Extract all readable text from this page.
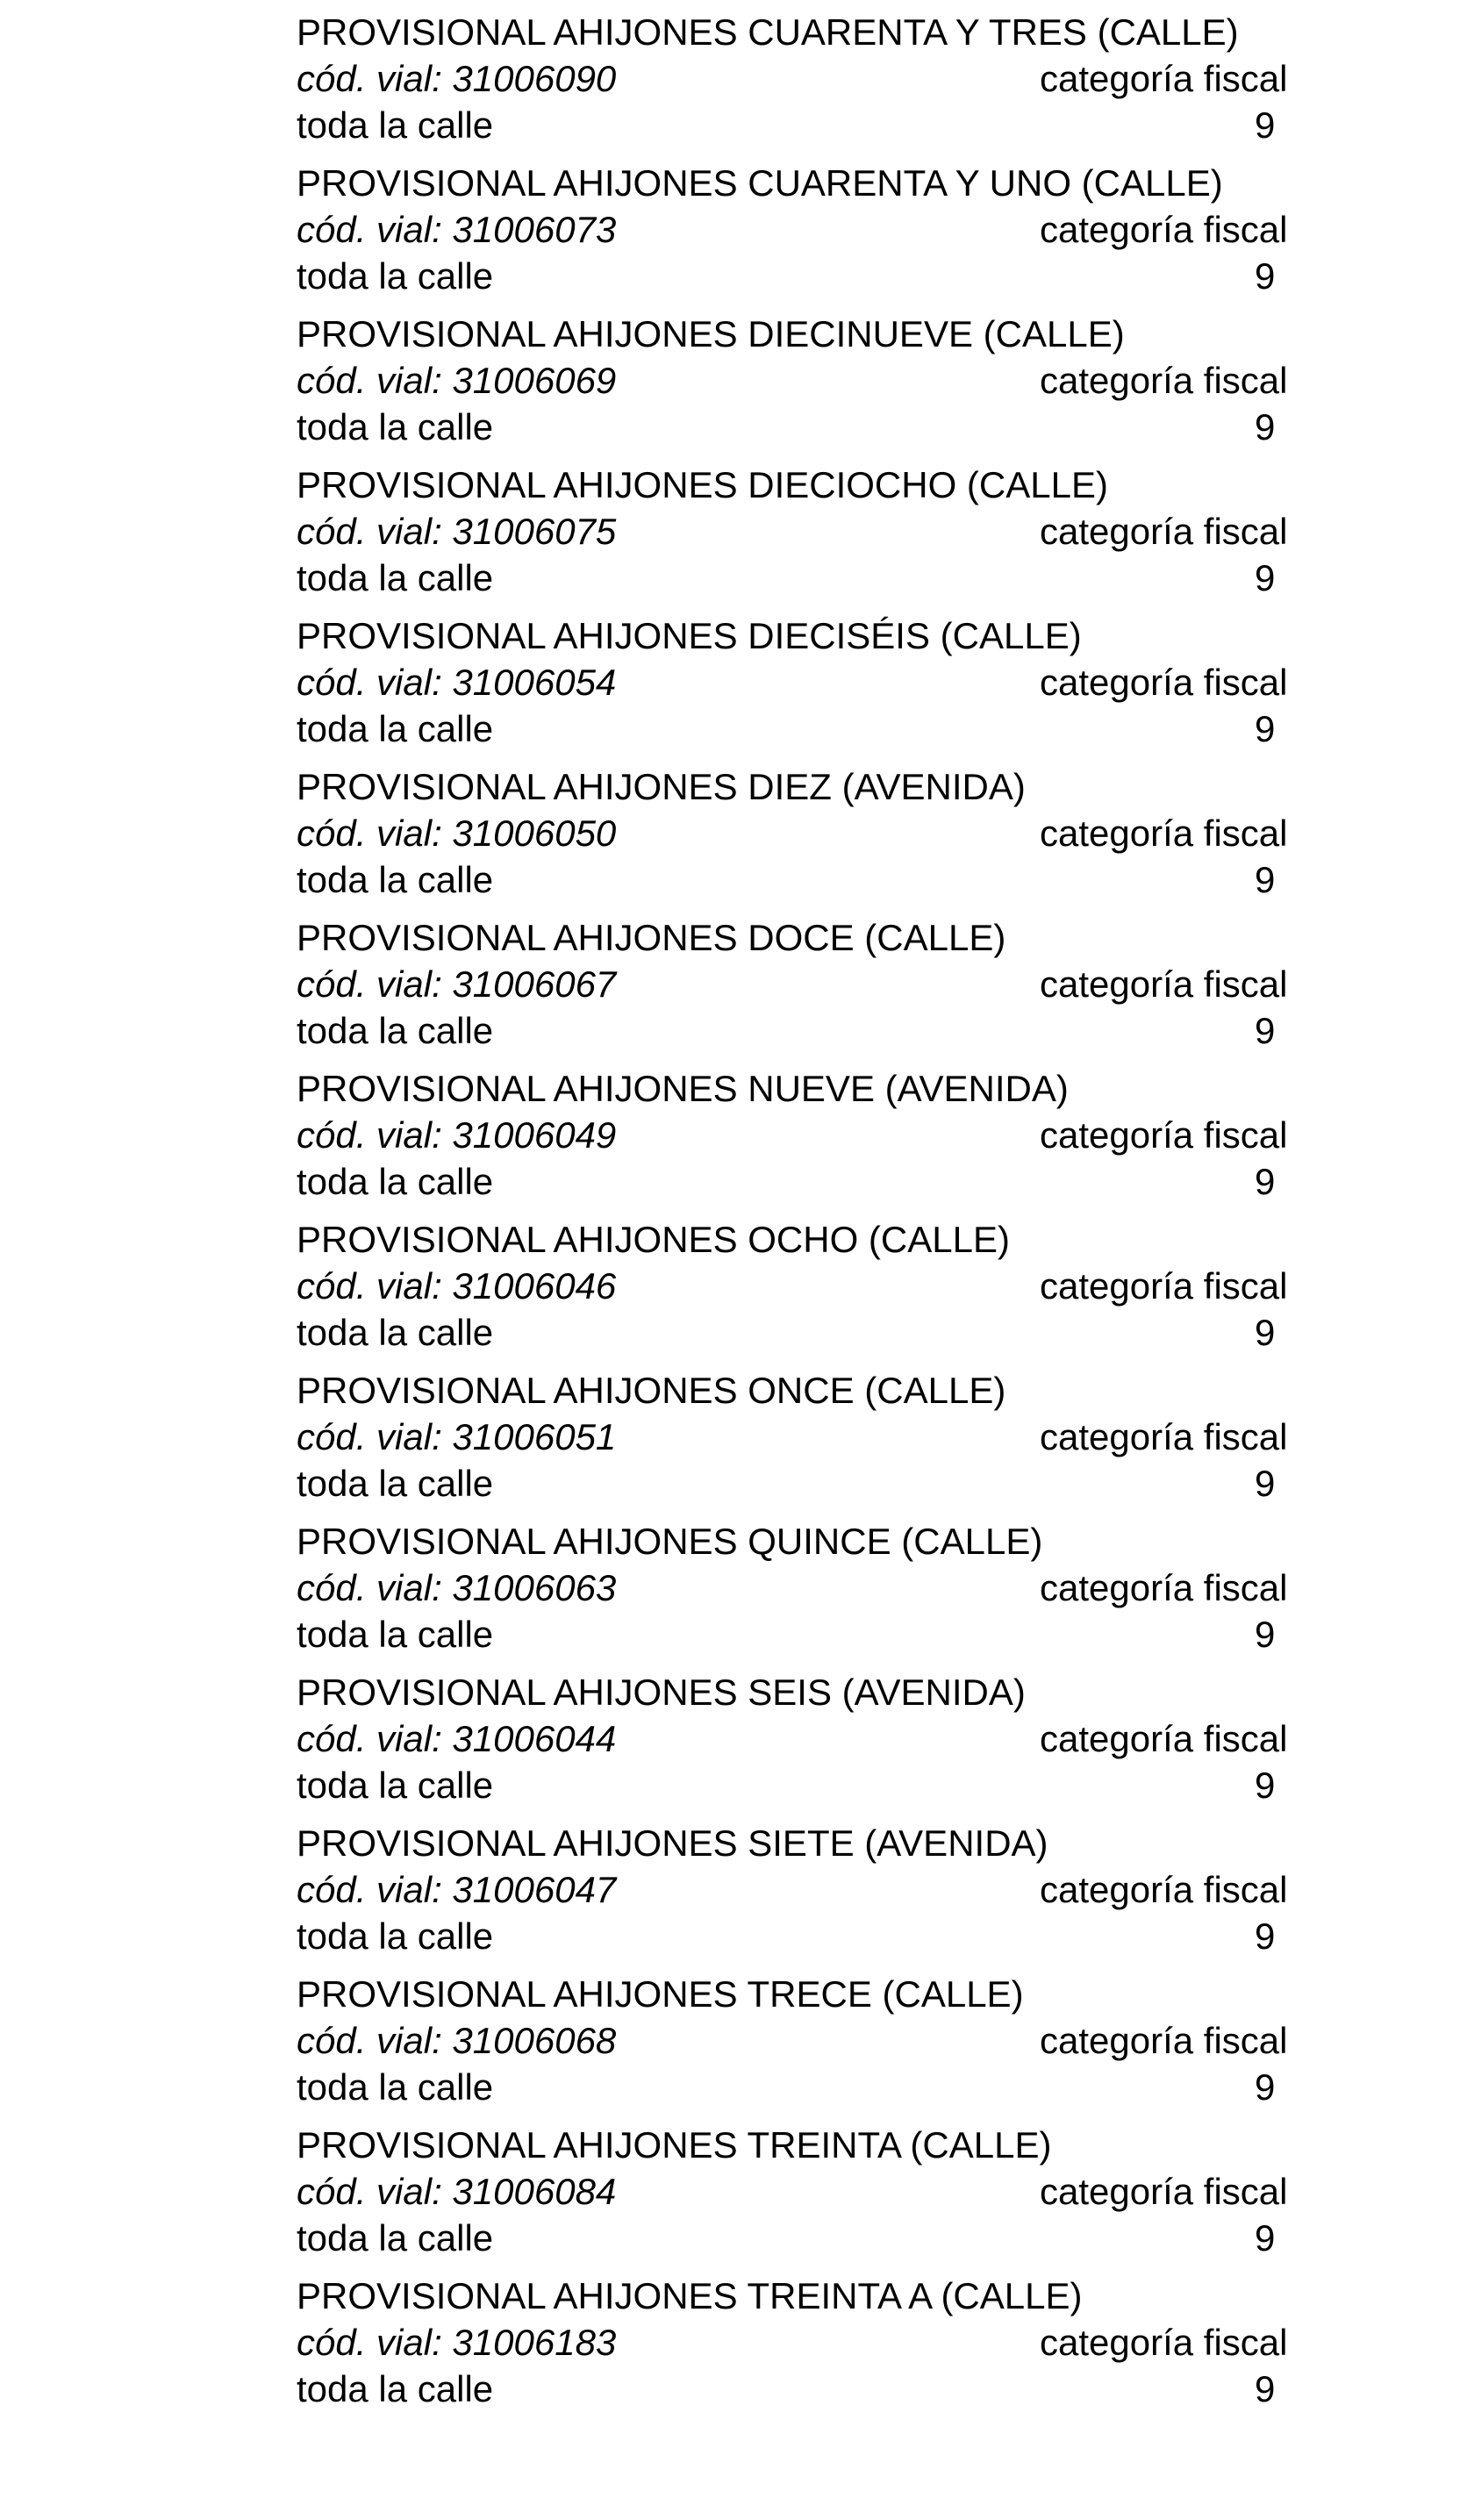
PROVISIONAL AHIJONES CUARENTA Y TRES (CALLE)
cód. vial: 31006090	categoría fiscal
toda la calle	9
PROVISIONAL AHIJONES CUARENTA Y UNO (CALLE)
cód. vial: 31006073	categoría fiscal
toda la calle	9
PROVISIONAL AHIJONES DIECINUEVE (CALLE)
cód. vial: 31006069	categoría fiscal
toda la calle	9
PROVISIONAL AHIJONES DIECIOCHO (CALLE)
cód. vial: 31006075	categoría fiscal
toda la calle	9
PROVISIONAL AHIJONES DIECISÉIS (CALLE)
cód. vial: 31006054	categoría fiscal
toda la calle	9
PROVISIONAL AHIJONES DIEZ (AVENIDA)
cód. vial: 31006050	categoría fiscal
toda la calle	9
PROVISIONAL AHIJONES DOCE (CALLE)
cód. vial: 31006067	categoría fiscal
toda la calle	9
PROVISIONAL AHIJONES NUEVE (AVENIDA)
cód. vial: 31006049	categoría fiscal
toda la calle	9
PROVISIONAL AHIJONES OCHO (CALLE)
cód. vial: 31006046	categoría fiscal
toda la calle	9
PROVISIONAL AHIJONES ONCE (CALLE)
cód. vial: 31006051	categoría fiscal
toda la calle	9
PROVISIONAL AHIJONES QUINCE (CALLE)
cód. vial: 31006063	categoría fiscal
toda la calle	9
PROVISIONAL AHIJONES SEIS (AVENIDA)
cód. vial: 31006044	categoría fiscal
toda la calle	9
PROVISIONAL AHIJONES SIETE (AVENIDA)
cód. vial: 31006047	categoría fiscal
toda la calle	9
PROVISIONAL AHIJONES TRECE (CALLE)
cód. vial: 31006068	categoría fiscal
toda la calle	9
PROVISIONAL AHIJONES TREINTA (CALLE)
cód. vial: 31006084	categoría fiscal
toda la calle	9
PROVISIONAL AHIJONES TREINTA A (CALLE)
cód. vial: 31006183	categoría fiscal
toda la calle	9
